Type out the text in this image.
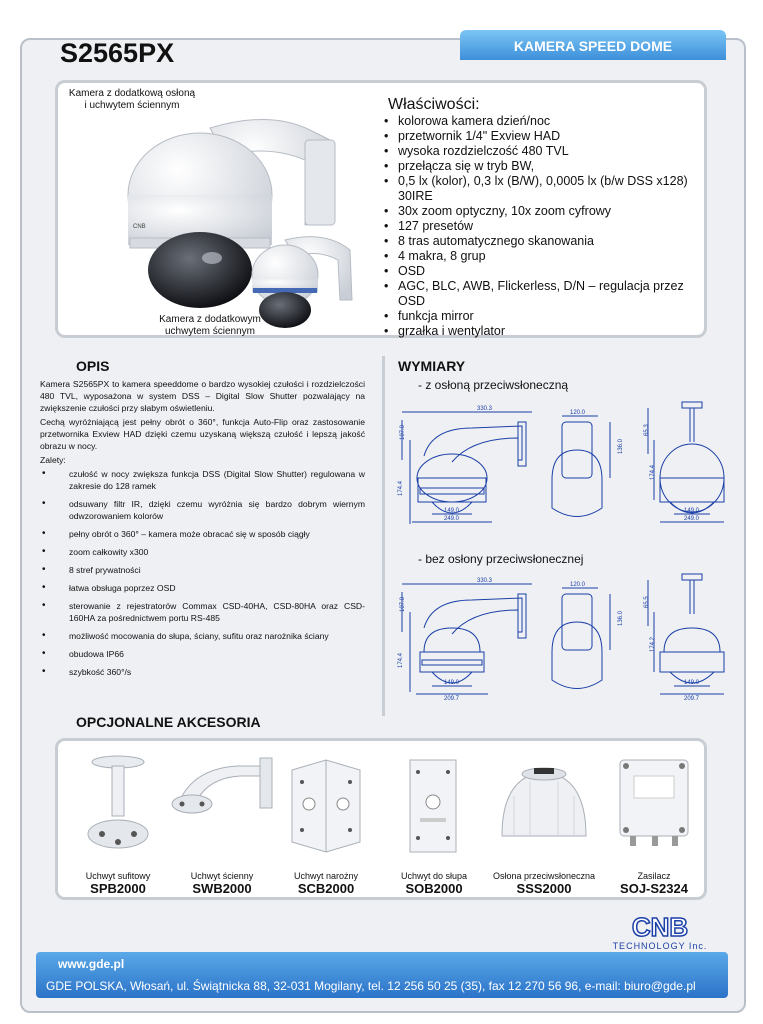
KAMERA SPEED DOME
S2565PX
Kamera z dodatkową osłoną
i uchwytem ściennym
CNB
Kamera z dodatkowym
uchwytem ściennym
Właściwości:
• kolorowa kamera dzień/noc
• przetwornik 1/4" Exview HAD
• wysoka rozdzielczość 480 TVL
• przełącza się w tryb BW,
• 0,5 lx (kolor), 0,3 lx (B/W), 0,0005 lx (b/w DSS x128) 30IRE
• 30x zoom optyczny, 10x zoom cyfrowy
• 127 presetów
• 8 tras automatycznego skanowania
• 4 makra, 8 grup
• OSD
• AGC, BLC, AWB, Flickerless, D/N – regulacja przez OSD
• funkcja mirror
• grzałka i wentylator
OPIS

Kamera S2565PX to kamera speeddome o bardzo wysokiej czułości i rozdzielczości 480 TVL, wyposażona w system DSS – Digital Slow Shutter pozwalający na zwiększenie czułości przy słabym oświetleniu.

Cechą wyróżniającą jest pełny obrót o 360°, funkcja Auto-Flip oraz zastosowanie przetwornika Exview HAD dzięki czemu uzyskaną większą czułość i lepszą jakość obrazu w nocy.

Zalety:

• czułość w nocy zwiększa funkcja DSS (Digital Slow Shutter) regulowana w zakresie do 128 ramek
• odsuwany filtr IR, dzięki czemu wyróżnia się bardzo dobrym wiernym odwzorowaniem kolorów
• pełny obrót o 360° – kamera może obracać się w sposób ciągły
• zoom całkowity x300
• 8 stref prywatności
• łatwa obsługa poprzez OSD
• sterowanie z rejestratorów Commax CSD-40HA, CSD-80HA oraz CSD-160HA za pośrednictwem portu RS-485
• możliwość mocowania do słupa, ściany, sufitu oraz narożnika ściany
• obudowa IP66
• szybkość 360°/s
WYMIARY
- z osłoną przeciwsłoneczną
330.3
174.4
107.0
249.0
149.0
120.0
136.0
65.3
174.4
149.0
249.0
- bez osłony przeciwsłonecznej
330.3
174.4
107.0
209.7
149.0
120.0
136.0
65.5
174.2
149.0
209.7
OPCJONALNE AKCESORIA
Uchwyt sufitowy
SPB2000
Uchwyt ścienny
SWB2000
Uchwyt narożny
SCB2000
Uchwyt do słupa
SOB2000
Osłona przeciwsłoneczna
SSS2000
Zasilacz
SOJ-S2324
CNB
TECHNOLOGY Inc.
www.gde.pl
GDE POLSKA, Włosań, ul. Świątnicka 88, 32-031 Mogilany, tel. 12 256 50 25 (35), fax 12 270 56 96, e-mail: biuro@gde.pl
